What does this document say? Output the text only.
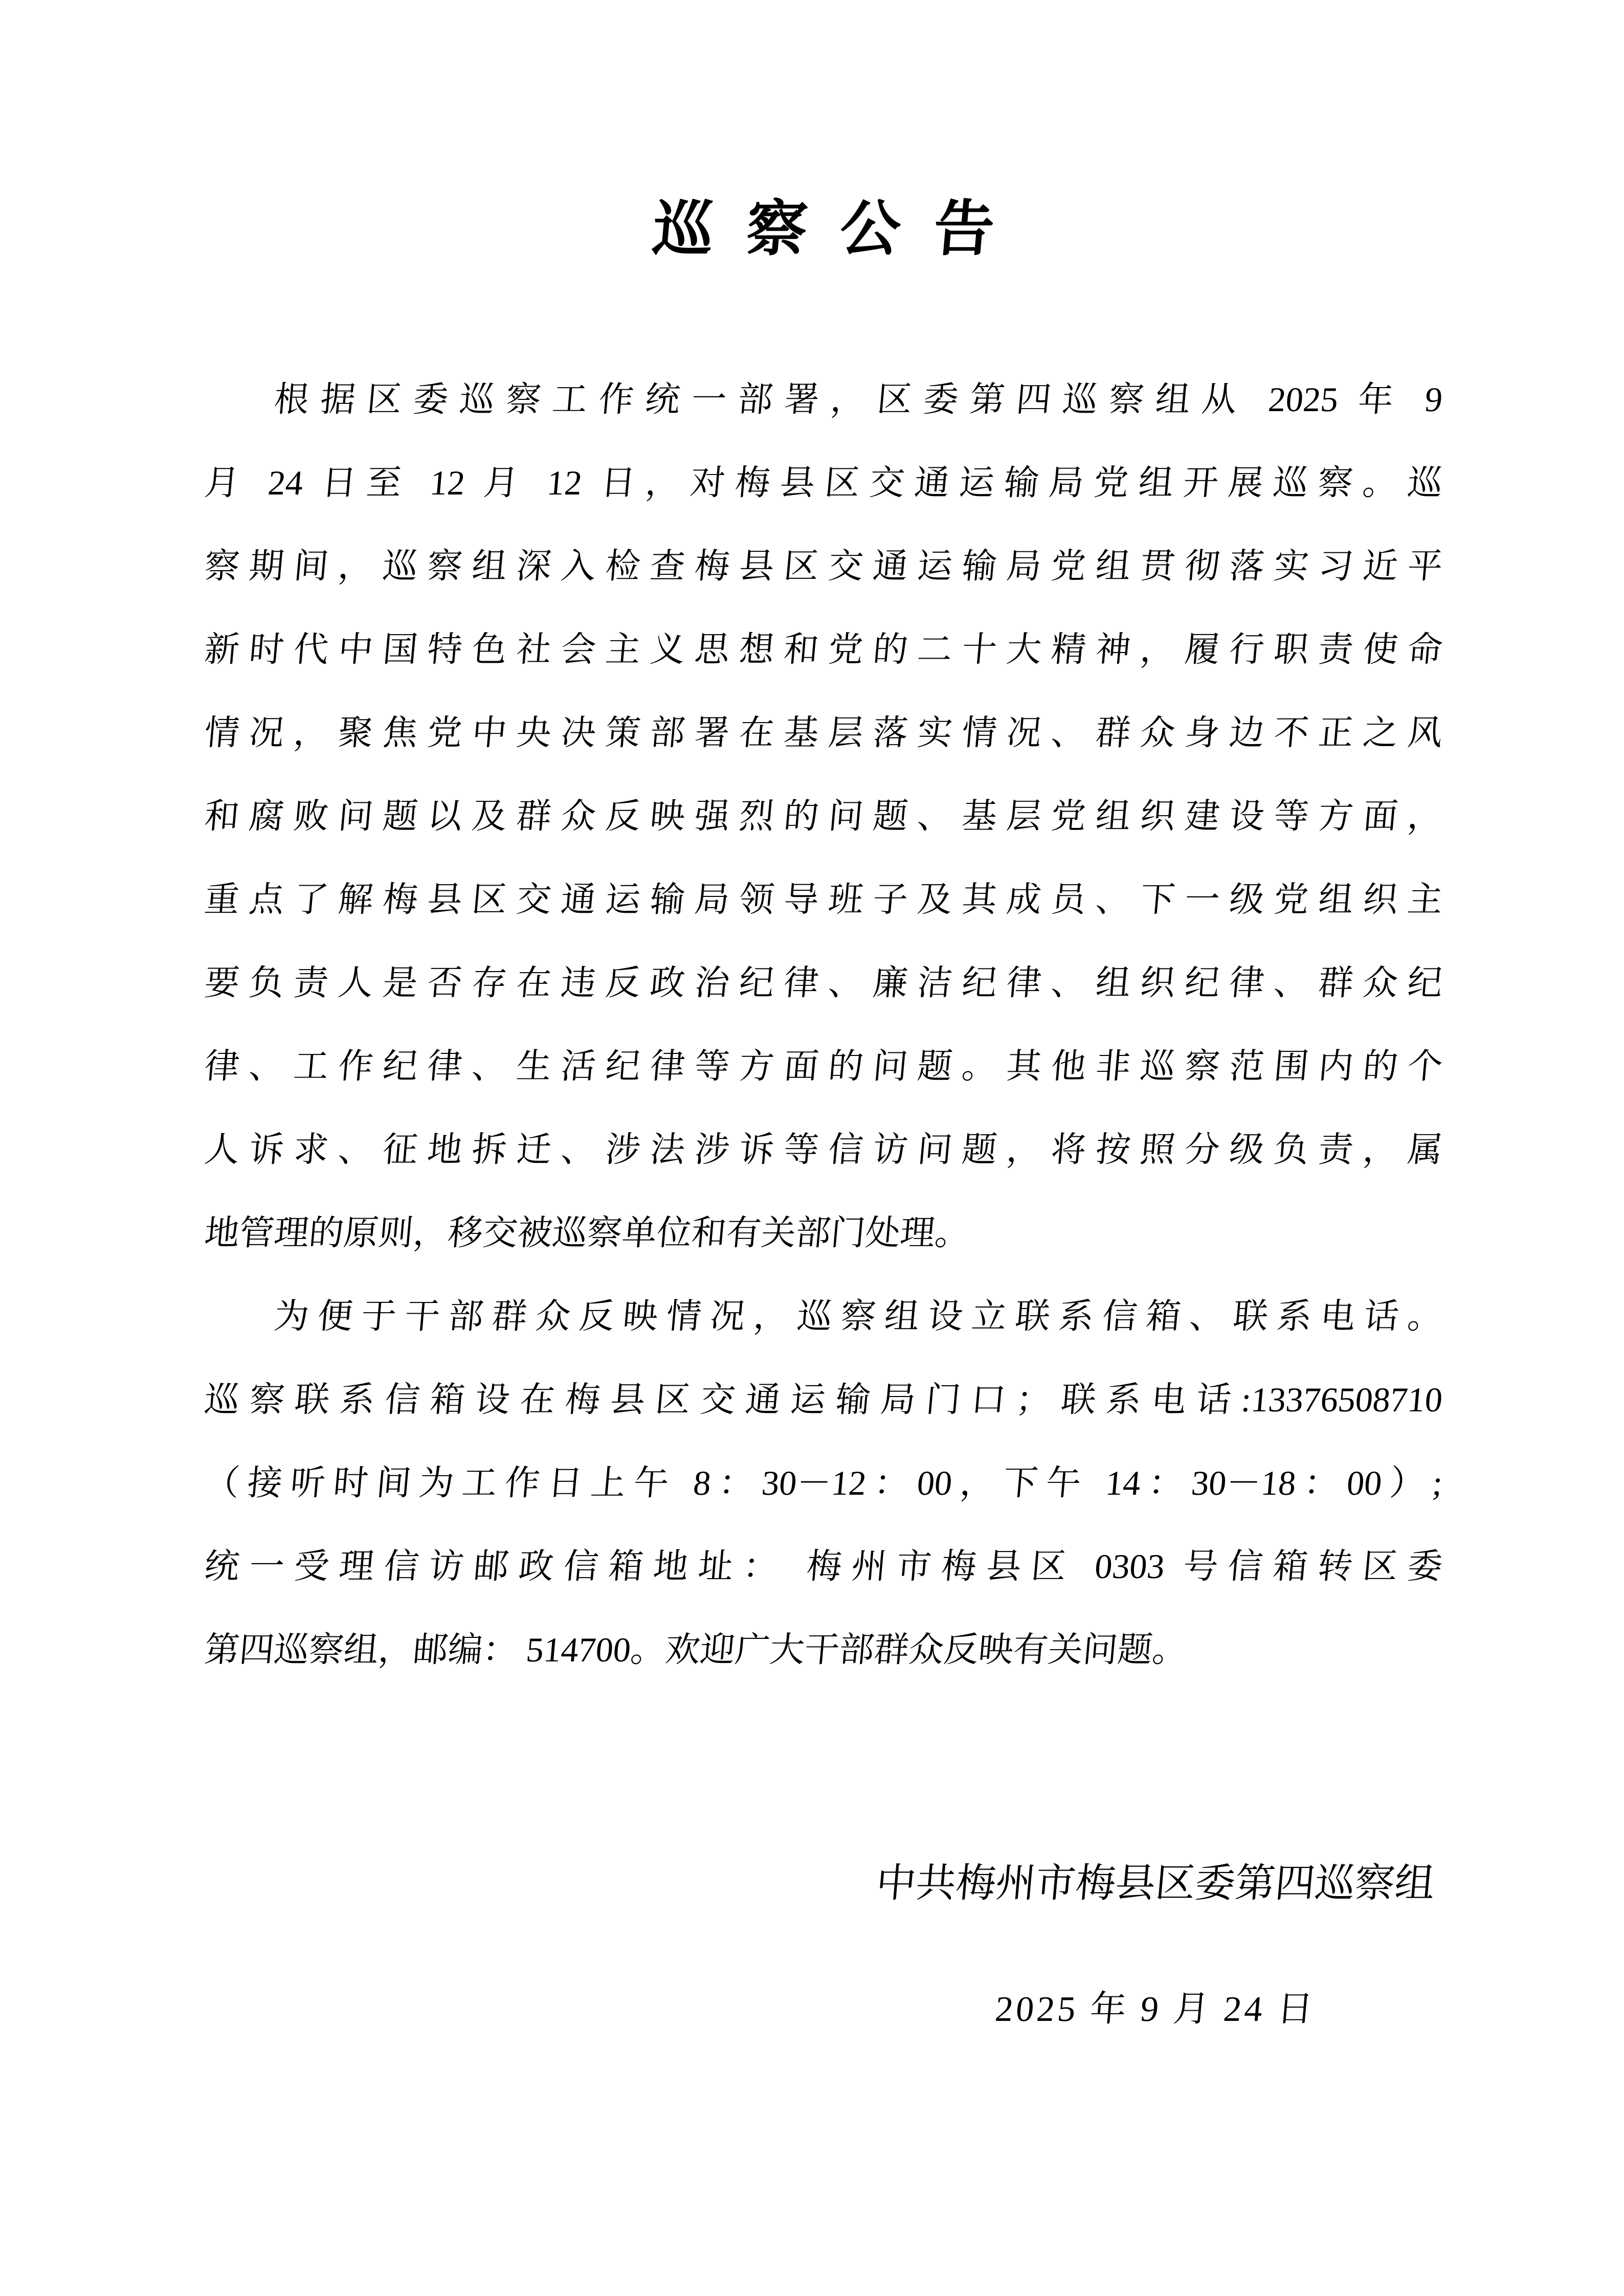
巡察公告
根据区委巡察工作统一部署，区委第四巡察组从 2025 年 9
月 24 日至 12 月 12 日，对梅县区交通运输局党组开展巡察。巡
察期间，巡察组深入检查梅县区交通运输局党组贯彻落实习近平
新时代中国特色社会主义思想和党的二十大精神，履行职责使命
情况，聚焦党中央决策部署在基层落实情况、群众身边不正之风
和腐败问题以及群众反映强烈的问题、基层党组织建设等方面，
重点了解梅县区交通运输局领导班子及其成员、下一级党组织主
要负责人是否存在违反政治纪律、廉洁纪律、组织纪律、群众纪
律、工作纪律、生活纪律等方面的问题。其他非巡察范围内的个
人诉求、征地拆迁、涉法涉诉等信访问题，将按照分级负责，属
地管理的原则，移交被巡察单位和有关部门处理。
为便于干部群众反映情况，巡察组设立联系信箱、联系电话。
巡察联系信箱设在梅县区交通运输局门口；联系电话:13376508710
（接听时间为工作日上午 8：30－12：00，下午 14：30－18：00）;
统一受理信访邮政信箱地址： 梅州市梅县区 0303 号信箱转区委
第四巡察组，邮编： 514700。欢迎广大干部群众反映有关问题。
中共梅州市梅县区委第四巡察组
2025 年 9 月 24 日
